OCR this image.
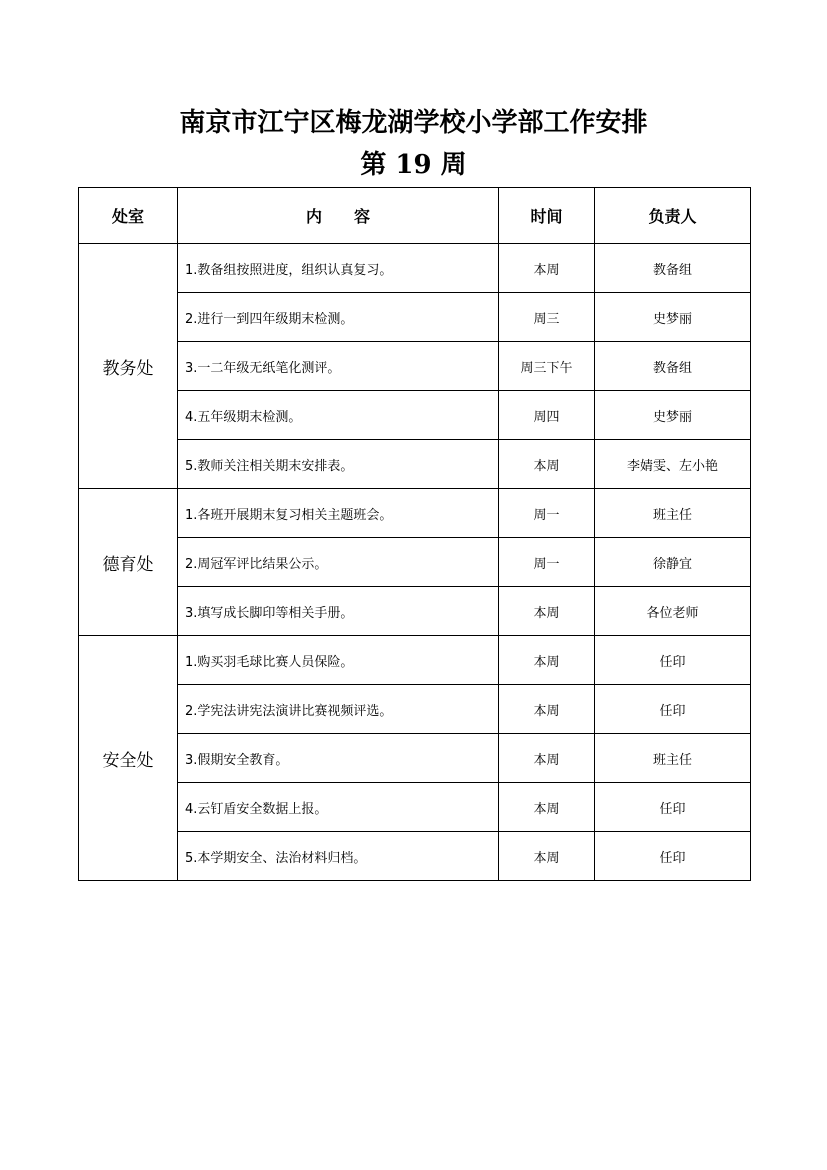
南京市江宁区梅龙湖学校小学部工作安排
第 19 周
处室	内　　容	时间	负责人
教务处	1.教备组按照进度，组织认真复习。	本周	教备组
	2.进行一到四年级期末检测。	周三	史梦丽
	3.一二年级无纸笔化测评。	周三下午	教备组
	4.五年级期末检测。	周四	史梦丽
	5.教师关注相关期末安排表。	本周	李婧雯、左小艳
德育处	1.各班开展期末复习相关主题班会。	周一	班主任
	2.周冠军评比结果公示。	周一	徐静宜
	3.填写成长脚印等相关手册。	本周	各位老师
安全处	1.购买羽毛球比赛人员保险。	本周	任印
	2.学宪法讲宪法演讲比赛视频评选。	本周	任印
	3.假期安全教育。	本周	班主任
	4.云钉盾安全数据上报。	本周	任印
	5.本学期安全、法治材料归档。	本周	任印
